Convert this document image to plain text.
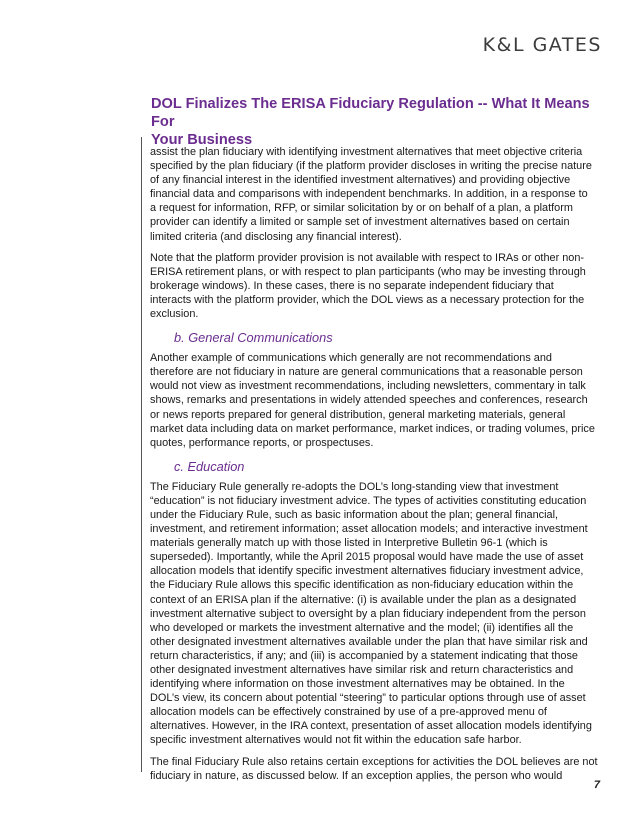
K&L GATES
DOL Finalizes The ERISA Fiduciary Regulation -- What It Means For
Your Business

assist the plan fiduciary with identifying investment alternatives that meet objective criteria
specified by the plan fiduciary (if the platform provider discloses in writing the precise nature
of any financial interest in the identified investment alternatives) and providing objective
financial data and comparisons with independent benchmarks. In addition, in a response to
a request for information, RFP, or similar solicitation by or on behalf of a plan, a platform
provider can identify a limited or sample set of investment alternatives based on certain
limited criteria (and disclosing any financial interest).

Note that the platform provider provision is not available with respect to IRAs or other non-
ERISA retirement plans, or with respect to plan participants (who may be investing through
brokerage windows). In these cases, there is no separate independent fiduciary that
interacts with the platform provider, which the DOL views as a necessary protection for the
exclusion.

b. General Communications

Another example of communications which generally are not recommendations and
therefore are not fiduciary in nature are general communications that a reasonable person
would not view as investment recommendations, including newsletters, commentary in talk
shows, remarks and presentations in widely attended speeches and conferences, research
or news reports prepared for general distribution, general marketing materials, general
market data including data on market performance, market indices, or trading volumes, price
quotes, performance reports, or prospectuses.

c. Education

The Fiduciary Rule generally re-adopts the DOL’s long-standing view that investment
“education” is not fiduciary investment advice. The types of activities constituting education
under the Fiduciary Rule, such as basic information about the plan; general financial,
investment, and retirement information; asset allocation models; and interactive investment
materials generally match up with those listed in Interpretive Bulletin 96-1 (which is
superseded). Importantly, while the April 2015 proposal would have made the use of asset
allocation models that identify specific investment alternatives fiduciary investment advice,
the Fiduciary Rule allows this specific identification as non-fiduciary education within the
context of an ERISA plan if the alternative: (i) is available under the plan as a designated
investment alternative subject to oversight by a plan fiduciary independent from the person
who developed or markets the investment alternative and the model; (ii) identifies all the
other designated investment alternatives available under the plan that have similar risk and
return characteristics, if any; and (iii) is accompanied by a statement indicating that those
other designated investment alternatives have similar risk and return characteristics and
identifying where information on those investment alternatives may be obtained. In the
DOL’s view, its concern about potential “steering” to particular options through use of asset
allocation models can be effectively constrained by use of a pre-approved menu of
alternatives. However, in the IRA context, presentation of asset allocation models identifying
specific investment alternatives would not fit within the education safe harbor.

The final Fiduciary Rule also retains certain exceptions for activities the DOL believes are not
fiduciary in nature, as discussed below. If an exception applies, the person who would

7
